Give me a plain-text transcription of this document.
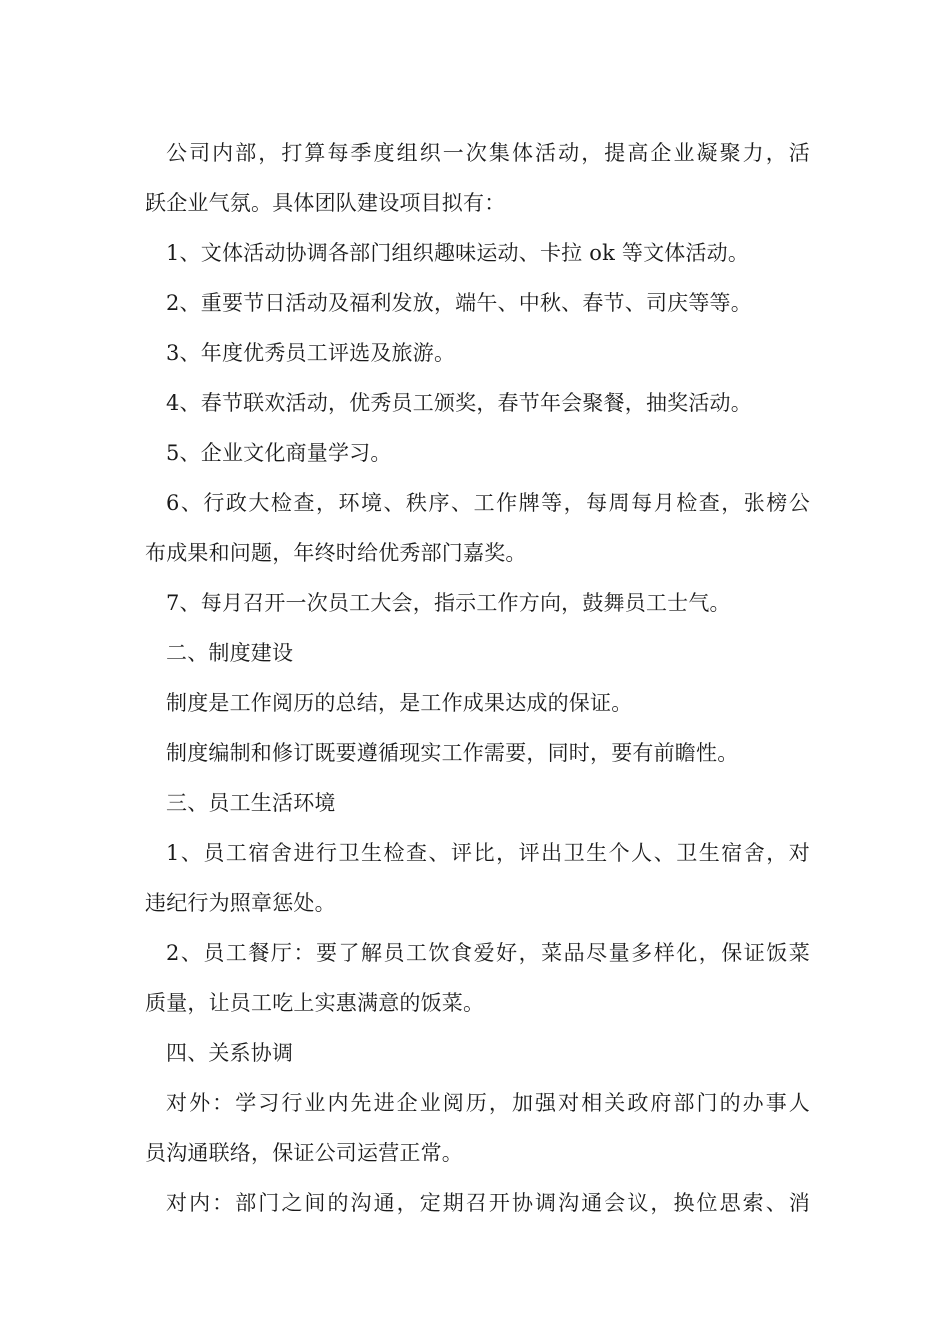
公司内部，打算每季度组织一次集体活动，提高企业凝聚力，活
跃企业气氛。具体团队建设项目拟有：
1、文体活动协调各部门组织趣味运动、卡拉 ok 等文体活动。
2、重要节日活动及福利发放，端午、中秋、春节、司庆等等。
3、年度优秀员工评选及旅游。
4、春节联欢活动，优秀员工颁奖，春节年会聚餐，抽奖活动。
5、企业文化商量学习。
6、行政大检查，环境、秩序、工作牌等，每周每月检查，张榜公
布成果和问题，年终时给优秀部门嘉奖。
7、每月召开一次员工大会，指示工作方向，鼓舞员工士气。
二、制度建设
制度是工作阅历的总结，是工作成果达成的保证。
制度编制和修订既要遵循现实工作需要，同时，要有前瞻性。
三、员工生活环境
1、员工宿舍进行卫生检查、评比，评出卫生个人、卫生宿舍，对
违纪行为照章惩处。
2、员工餐厅：要了解员工饮食爱好，菜品尽量多样化，保证饭菜
质量，让员工吃上实惠满意的饭菜。
四、关系协调
对外：学习行业内先进企业阅历，加强对相关政府部门的办事人
员沟通联络，保证公司运营正常。
对内：部门之间的沟通，定期召开协调沟通会议，换位思索、消
